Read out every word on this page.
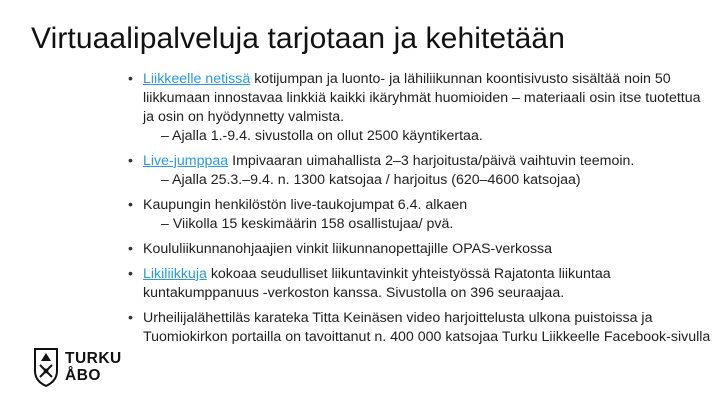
Virtuaalipalveluja tarjotaan ja kehitetään
• Liikkeelle netissä kotijumpan ja luonto- ja lähiliikunnan koontisivusto sisältää noin 50 liikkumaan innostavaa linkkiä kaikki ikäryhmät huomioiden – materiaali osin itse tuotettua ja osin on hyödynnetty valmista.
– Ajalla 1.-9.4. sivustolla on ollut 2500 käyntikertaa.
• Live-jumppaa Impivaaran uimahallista 2–3 harjoitusta/päivä vaihtuvin teemoin.
– Ajalla 25.3.–9.4. n. 1300 katsojaa / harjoitus (620–4600 katsojaa)
• Kaupungin henkilöstön live-taukojumpat 6.4. alkaen
– Viikolla 15 keskimäärin 158 osallistujaa/ pvä.
• Koululiikunnanohjaajien vinkit liikunnanopettajille OPAS-verkossa
• Likiliikkuja kokoaa seudulliset liikuntavinkit yhteistyössä Rajatonta liikuntaa kuntakumppanuus -verkoston kanssa. Sivustolla on 396 seuraajaa.
• Urheilijalähettiläs karateka Titta Keinäsen video harjoittelusta ulkona puistoissa ja Tuomiokirkon portailla on tavoittanut n. 400 000 katsojaa Turku Liikkeelle Facebook-sivulla

TURKU
ÅBO
